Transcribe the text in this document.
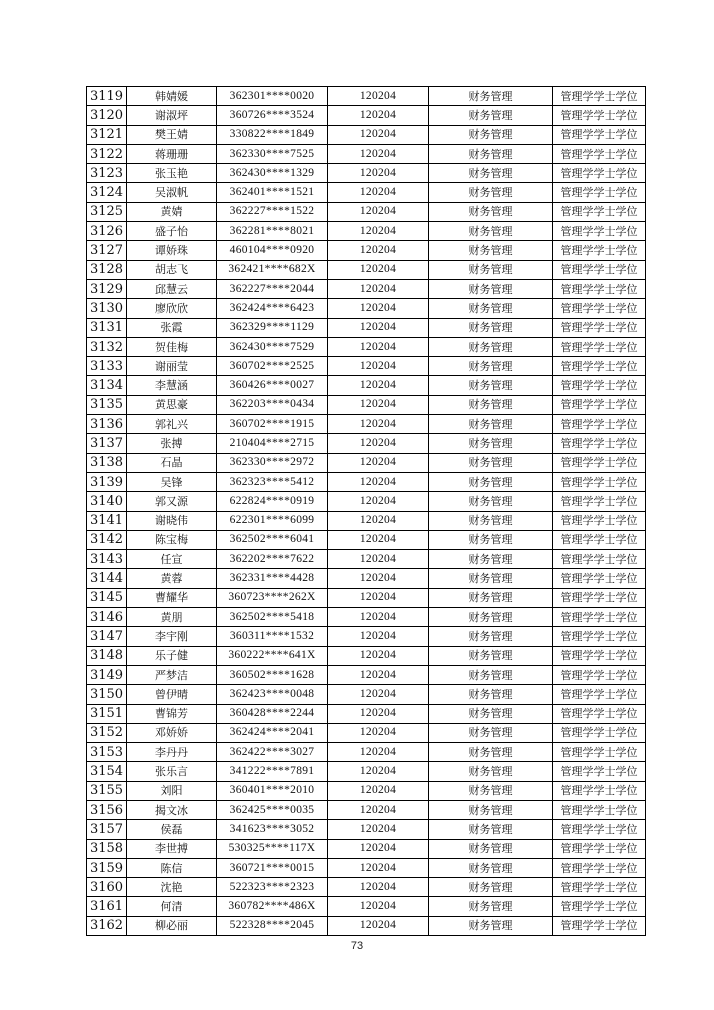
3119	韩婧媛	362301****0020	120204	财务管理	管理学学士学位
3120	谢淑坪	360726****3524	120204	财务管理	管理学学士学位
3121	樊王婧	330822****1849	120204	财务管理	管理学学士学位
3122	蒋珊珊	362330****7525	120204	财务管理	管理学学士学位
3123	张玉艳	362430****1329	120204	财务管理	管理学学士学位
3124	吴淑帆	362401****1521	120204	财务管理	管理学学士学位
3125	黄婧	362227****1522	120204	财务管理	管理学学士学位
3126	盛子怡	362281****8021	120204	财务管理	管理学学士学位
3127	谭娇珠	460104****0920	120204	财务管理	管理学学士学位
3128	胡志飞	362421****682X	120204	财务管理	管理学学士学位
3129	邱慧云	362227****2044	120204	财务管理	管理学学士学位
3130	廖欣欣	362424****6423	120204	财务管理	管理学学士学位
3131	张霞	362329****1129	120204	财务管理	管理学学士学位
3132	贺佳梅	362430****7529	120204	财务管理	管理学学士学位
3133	谢丽莹	360702****2525	120204	财务管理	管理学学士学位
3134	李慧涵	360426****0027	120204	财务管理	管理学学士学位
3135	黄思豪	362203****0434	120204	财务管理	管理学学士学位
3136	郭礼兴	360702****1915	120204	财务管理	管理学学士学位
3137	张搏	210404****2715	120204	财务管理	管理学学士学位
3138	石晶	362330****2972	120204	财务管理	管理学学士学位
3139	吴锋	362323****5412	120204	财务管理	管理学学士学位
3140	郭又源	622824****0919	120204	财务管理	管理学学士学位
3141	谢晓伟	622301****6099	120204	财务管理	管理学学士学位
3142	陈宝梅	362502****6041	120204	财务管理	管理学学士学位
3143	任宣	362202****7622	120204	财务管理	管理学学士学位
3144	黄蓉	362331****4428	120204	财务管理	管理学学士学位
3145	曹耀华	360723****262X	120204	财务管理	管理学学士学位
3146	黄朋	362502****5418	120204	财务管理	管理学学士学位
3147	李宇刚	360311****1532	120204	财务管理	管理学学士学位
3148	乐子健	360222****641X	120204	财务管理	管理学学士学位
3149	严梦洁	360502****1628	120204	财务管理	管理学学士学位
3150	曾伊晴	362423****0048	120204	财务管理	管理学学士学位
3151	曹锦芳	360428****2244	120204	财务管理	管理学学士学位
3152	邓娇娇	362424****2041	120204	财务管理	管理学学士学位
3153	李丹丹	362422****3027	120204	财务管理	管理学学士学位
3154	张乐言	341222****7891	120204	财务管理	管理学学士学位
3155	刘阳	360401****2010	120204	财务管理	管理学学士学位
3156	揭文冰	362425****0035	120204	财务管理	管理学学士学位
3157	侯磊	341623****3052	120204	财务管理	管理学学士学位
3158	李世搏	530325****117X	120204	财务管理	管理学学士学位
3159	陈信	360721****0015	120204	财务管理	管理学学士学位
3160	沈艳	522323****2323	120204	财务管理	管理学学士学位
3161	何清	360782****486X	120204	财务管理	管理学学士学位
3162	柳必丽	522328****2045	120204	财务管理	管理学学士学位
73
